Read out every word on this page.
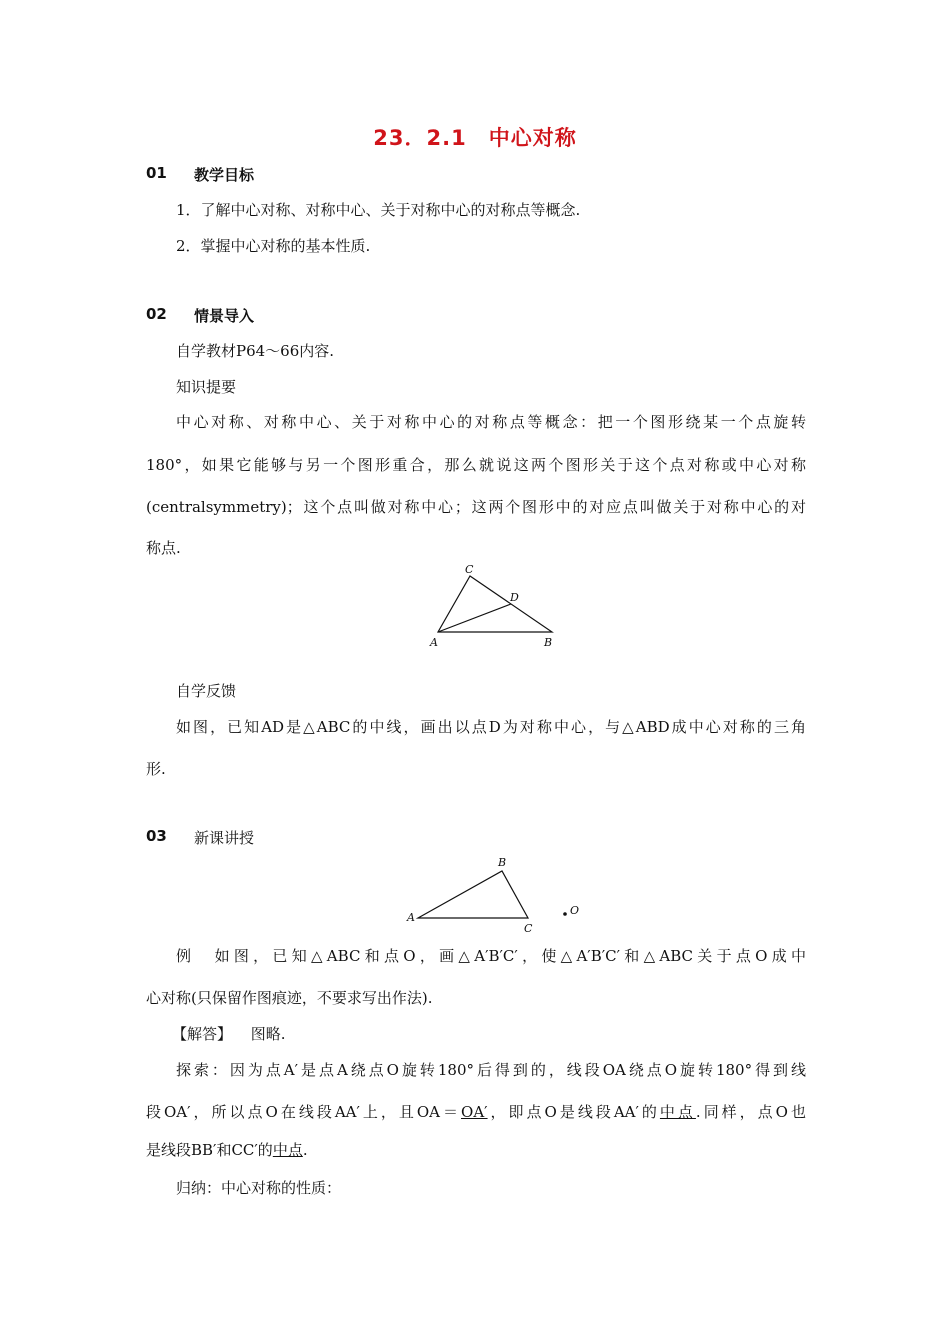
23．2.1　中心对称
01 教学目标
1．了解中心对称、对称中心、关于对称中心的对称点等概念.
2．掌握中心对称的基本性质.
02 情景导入
自学教材P64～66内容.
知识提要
中心对称、对称中心、关于对称中心的对称点等概念：把一个图形绕某一个点旋转
180°，如果它能够与另一个图形重合，那么就说这两个图形关于这个点对称或中心对称
(centralsymmetry)；这个点叫做对称中心；这两个图形中的对应点叫做关于对称中心的对
称点.
A	B
C
D
自学反馈
如图，已知AD是△ABC的中线，画出以点D为对称中心，与△ABD成中心对称的三角
形.
03 新课讲授
A
B
C
O
例　如图，已知△ABC和点O，画△A′B′C′，使△A′B′C′和△ABC关于点O成中
心对称(只保留作图痕迹，不要求写出作法).
【解答】 图略.
探索：因为点A′是点A绕点O旋转180°后得到的，线段OA绕点O旋转180°得到线
段OA′，所以点O在线段AA′上，且OA＝OA′，即点O是线段AA′的中点.同样，点O也
是线段BB′和CC′的中点.
归纳：中心对称的性质：
